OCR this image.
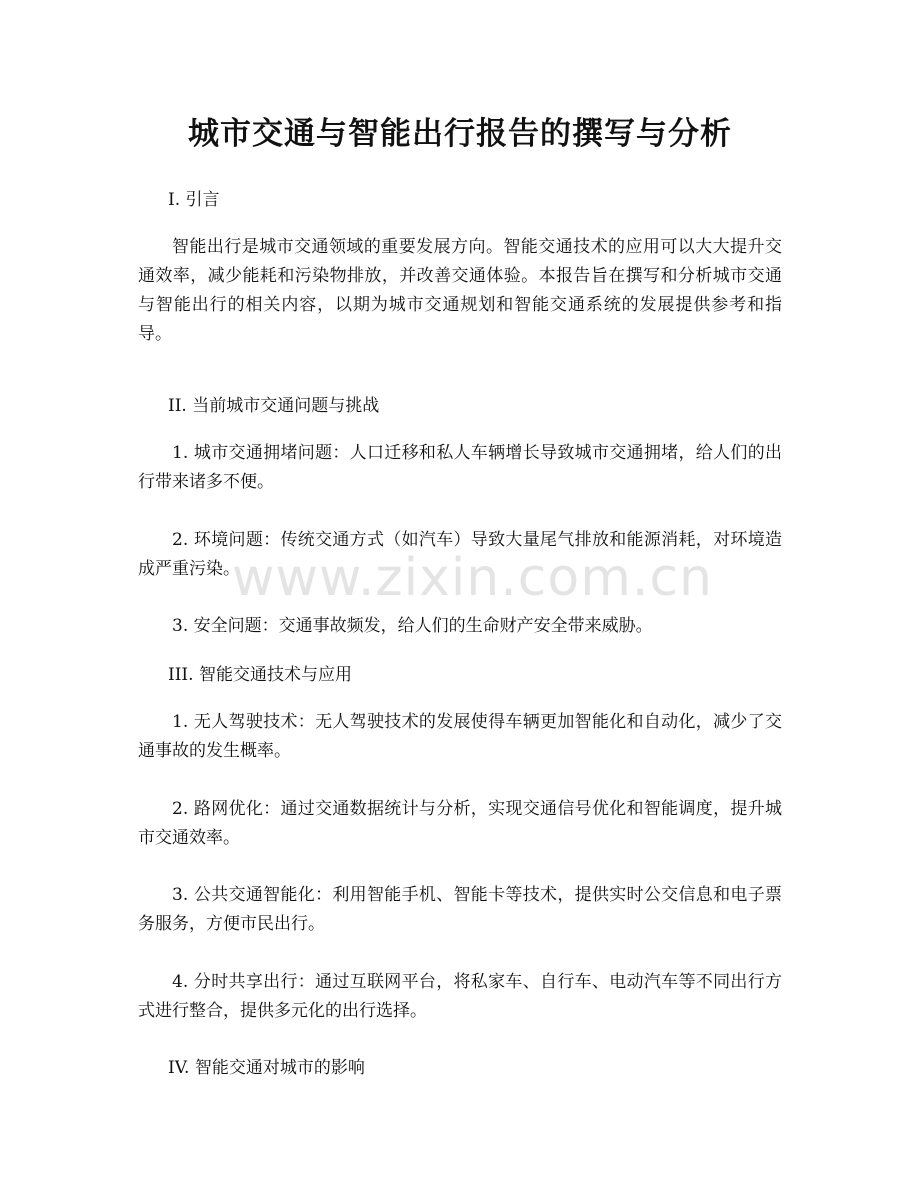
城市交通与智能出行报告的撰写与分析

I. 引言

智能出行是城市交通领域的重要发展方向。智能交通技术的应用可以大大提升交通效率，减少能耗和污染物排放，并改善交通体验。本报告旨在撰写和分析城市交通与智能出行的相关内容，以期为城市交通规划和智能交通系统的发展提供参考和指导。

II. 当前城市交通问题与挑战

1. 城市交通拥堵问题：人口迁移和私人车辆增长导致城市交通拥堵，给人们的出行带来诸多不便。

2. 环境问题：传统交通方式（如汽车）导致大量尾气排放和能源消耗，对环境造成严重污染。

3. 安全问题：交通事故频发，给人们的生命财产安全带来威胁。

III. 智能交通技术与应用

1. 无人驾驶技术：无人驾驶技术的发展使得车辆更加智能化和自动化，减少了交通事故的发生概率。

2. 路网优化：通过交通数据统计与分析，实现交通信号优化和智能调度，提升城市交通效率。

3. 公共交通智能化：利用智能手机、智能卡等技术，提供实时公交信息和电子票务服务，方便市民出行。

4. 分时共享出行：通过互联网平台，将私家车、自行车、电动汽车等不同出行方式进行整合，提供多元化的出行选择。

IV. 智能交通对城市的影响

www.zixin.com.cn
